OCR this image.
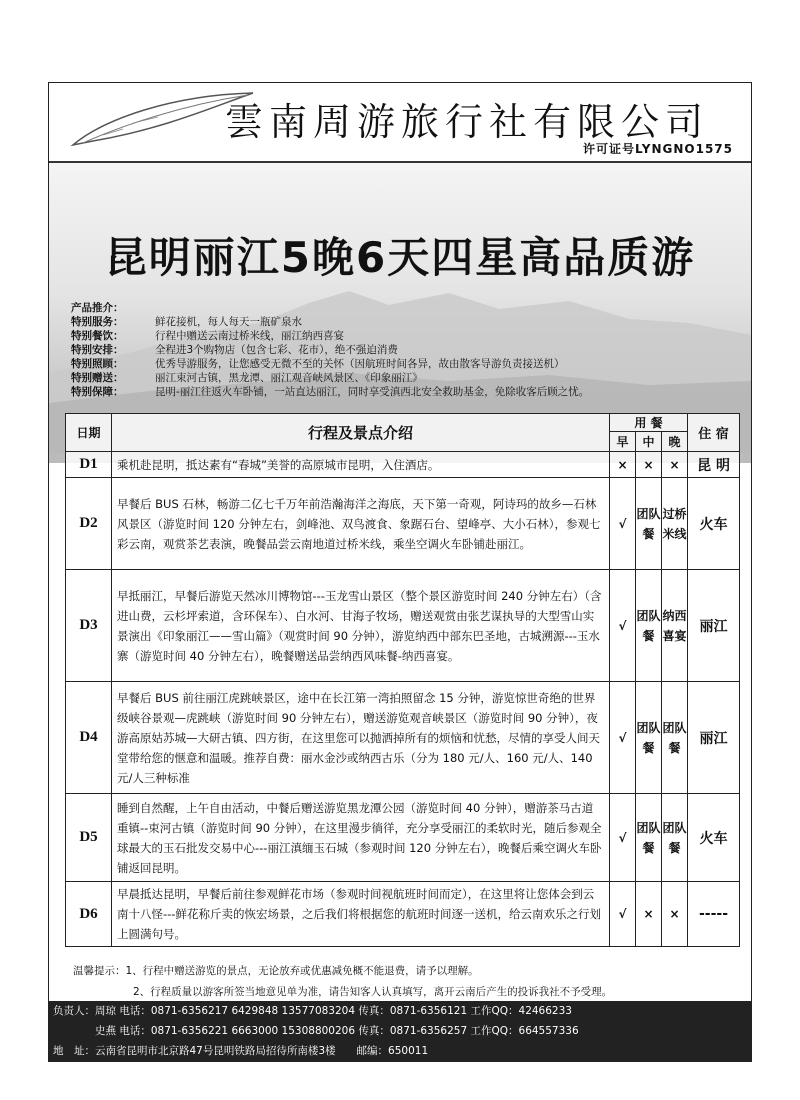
雲南周游旅行社有限公司
许可证号LYNGNO1575
昆明丽江5晚6天四星高品质游
产品推介：
特别服务：	鲜花接机，每人每天一瓶矿泉水
特别餐饮：	行程中赠送云南过桥米线，丽江纳西喜宴
特别安排：	全程进3个购物店（包含七彩、花市），绝不强迫消费
特别照顾：	优秀导游服务，让您感受无微不至的关怀（因航班时间各异，故由散客导游负责接送机）
特别赠送：	丽江束河古镇，黑龙潭、丽江观音峡风景区、《印象丽江》
特别保障：	昆明-丽江往返火车卧铺，一站直达丽江，同时享受滇西北安全救助基金，免除收客后顾之忧。
日期	行程及景点介绍	用 餐			住 宿
		早	中	晚	
D1	乘机赴昆明，抵达素有“春城”美誉的高原城市昆明，入住酒店。	×	×	×	昆 明
D2	早餐后 BUS 石林，畅游二亿七千万年前浩瀚海洋之海底，天下第一奇观，阿诗玛的故乡—石林风景区（游览时间 120 分钟左右，剑峰池、双鸟渡食、象踞石台、望峰亭、大小石林），参观七彩云南，观赏茶艺表演，晚餐品尝云南地道过桥米线，乘坐空调火车卧铺赴丽江。	√	团队餐	过桥米线	火车
D3	早抵丽江，早餐后游览天然冰川博物馆---玉龙雪山景区（整个景区游览时间 240 分钟左右）（含进山费，云杉坪索道，含环保车）、白水河、甘海子牧场，赠送观赏由张艺谋执导的大型雪山实景演出《印象丽江——雪山篇》（观赏时间 90 分钟），游览纳西中部东巴圣地，古城溯源---玉水寨（游览时间 40 分钟左右），晚餐赠送品尝纳西风味餐-纳西喜宴。	√	团队餐	纳西喜宴	丽江
D4	早餐后 BUS 前往丽江虎跳峡景区，途中在长江第一湾拍照留念 15 分钟，游览惊世奇绝的世界级峡谷景观—虎跳峡（游览时间 90 分钟左右），赠送游览观音峡景区（游览时间 90 分钟），夜游高原姑苏城—大研古镇、四方街，在这里您可以抛洒掉所有的烦恼和忧愁，尽情的享受人间天堂带给您的惬意和温暖。推荐自费：丽水金沙或纳西古乐（分为 180 元/人、160 元/人、140 元/人三种标准	√	团队餐	团队餐	丽江
D5	睡到自然醒，上午自由活动，中餐后赠送游览黑龙潭公园（游览时间 40 分钟），赠游茶马古道重镇--束河古镇（游览时间 90 分钟），在这里漫步徜徉，充分享受丽江的柔软时光，随后参观全球最大的玉石批发交易中心---丽江滇缅玉石城（参观时间 120 分钟左右），晚餐后乘空调火车卧铺返回昆明。	√	团队餐	团队餐	火车
D6	早晨抵达昆明，早餐后前往参观鲜花市场（参观时间视航班时间而定），在这里将让您体会到云南十八怪---鲜花称斤卖的恢宏场景，之后我们将根据您的航班时间逐一送机，给云南欢乐之行划上圆满句号。	√	×	×	-----
温馨提示：1、行程中赠送游览的景点，无论放弃或优惠减免概不能退费，请予以理解。
2、行程质量以游客所签当地意见单为准，请告知客人认真填写，离开云南后产生的投诉我社不予受理。
负责人：周琼 电话：0871-6356217 6429848 13577083204 传真：0871-6356121 工作QQ：42466233
史燕 电话：0871-6356221 6663000 15308800206 传真：0871-6356257 工作QQ：664557336
地　址：云南省昆明市北京路47号昆明铁路局招待所南楼3楼　　邮编：650011
